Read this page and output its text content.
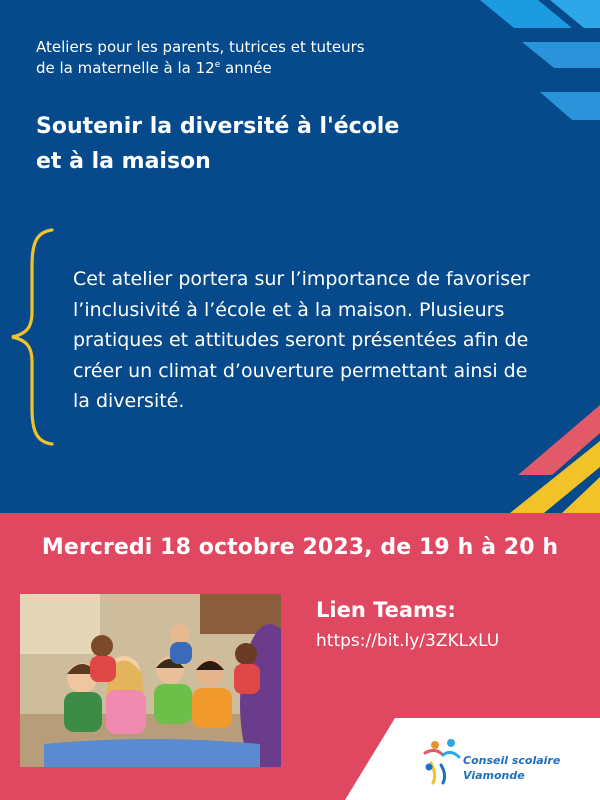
Ateliers pour les parents, tutrices et tuteurs
de la maternelle à la 12e année
Soutenir la diversité à l'école
et à la maison

Cet atelier portera sur l’importance de favoriser l’inclusivité à l’école et à la maison. Plusieurs pratiques et attitudes seront présentées afin de créer un climat d’ouverture permettant ainsi de la diversité.

Mercredi 18 octobre 2023, de 19 h à 20 h
Lien Teams:
https://bit.ly/3ZKLxLU
Conseil scolaire
Viamonde
